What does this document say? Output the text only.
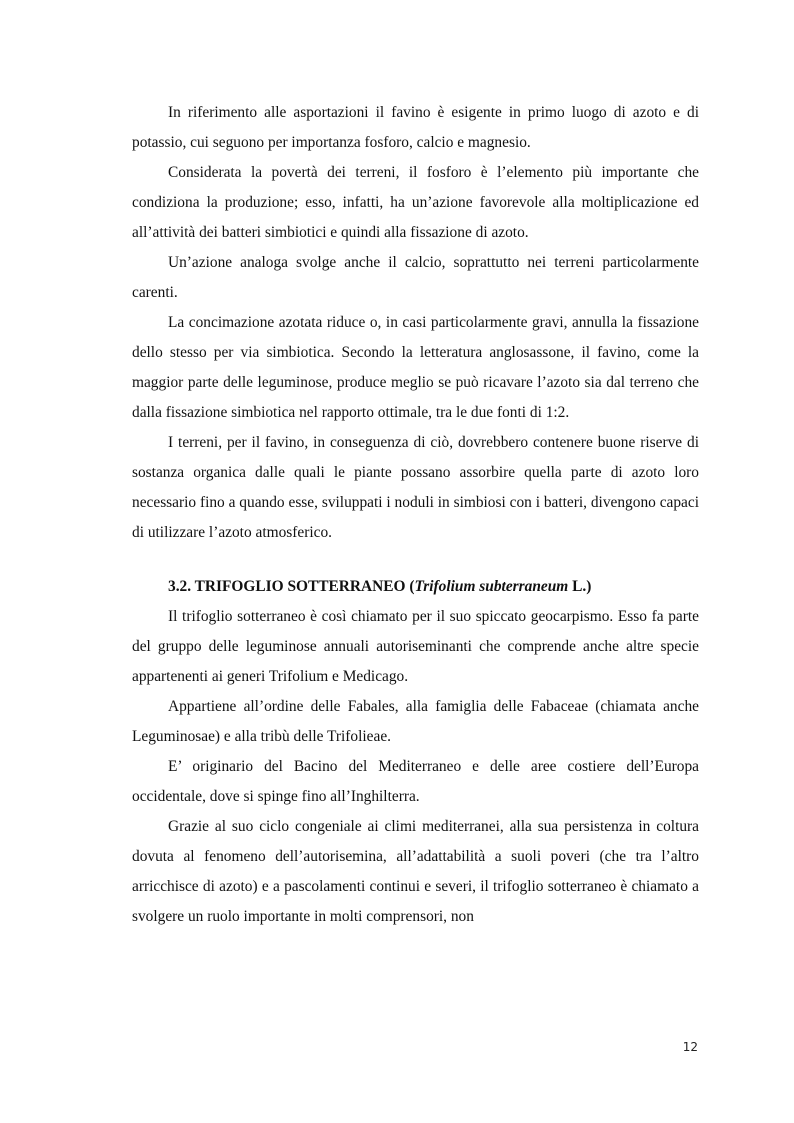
In riferimento alle asportazioni il favino è esigente in primo luogo di azoto e di potassio, cui seguono per importanza fosforo, calcio e magnesio.

Considerata la povertà dei terreni, il fosforo è l’elemento più importante che condiziona la produzione; esso, infatti, ha un’azione favorevole alla moltiplicazione ed all’attività dei batteri simbiotici e quindi alla fissazione di azoto.

Un’azione analoga svolge anche il calcio, soprattutto nei terreni particolarmente carenti.

La concimazione azotata riduce o, in casi particolarmente gravi, annulla la fissazione dello stesso per via simbiotica. Secondo la letteratura anglosassone, il favino, come la maggior parte delle leguminose, produce meglio se può ricavare l’azoto sia dal terreno che dalla fissazione simbiotica nel rapporto ottimale, tra le due fonti di 1:2.

I terreni, per il favino, in conseguenza di ciò, dovrebbero contenere buone riserve di sostanza organica dalle quali le piante possano assorbire quella parte di azoto loro necessario fino a quando esse, sviluppati i noduli in simbiosi con i batteri, divengono capaci di utilizzare l’azoto atmosferico.

3.2. TRIFOGLIO SOTTERRANEO (Trifolium subterraneum L.)

Il trifoglio sotterraneo è così chiamato per il suo spiccato geocarpismo. Esso fa parte del gruppo delle leguminose annuali autoriseminanti che comprende anche altre specie appartenenti ai generi Trifolium e Medicago.

Appartiene all’ordine delle Fabales, alla famiglia delle Fabaceae (chiamata anche Leguminosae) e alla tribù delle Trifolieae.

E’ originario del Bacino del Mediterraneo e delle aree costiere dell’Europa occidentale, dove si spinge fino all’Inghilterra.

Grazie al suo ciclo congeniale ai climi mediterranei, alla sua persistenza in coltura dovuta al fenomeno dell’autorisemina, all’adattabilità a suoli poveri (che tra l’altro arricchisce di azoto) e a pascolamenti continui e severi, il trifoglio sotterraneo è chiamato a svolgere un ruolo importante in molti comprensori, non

12
